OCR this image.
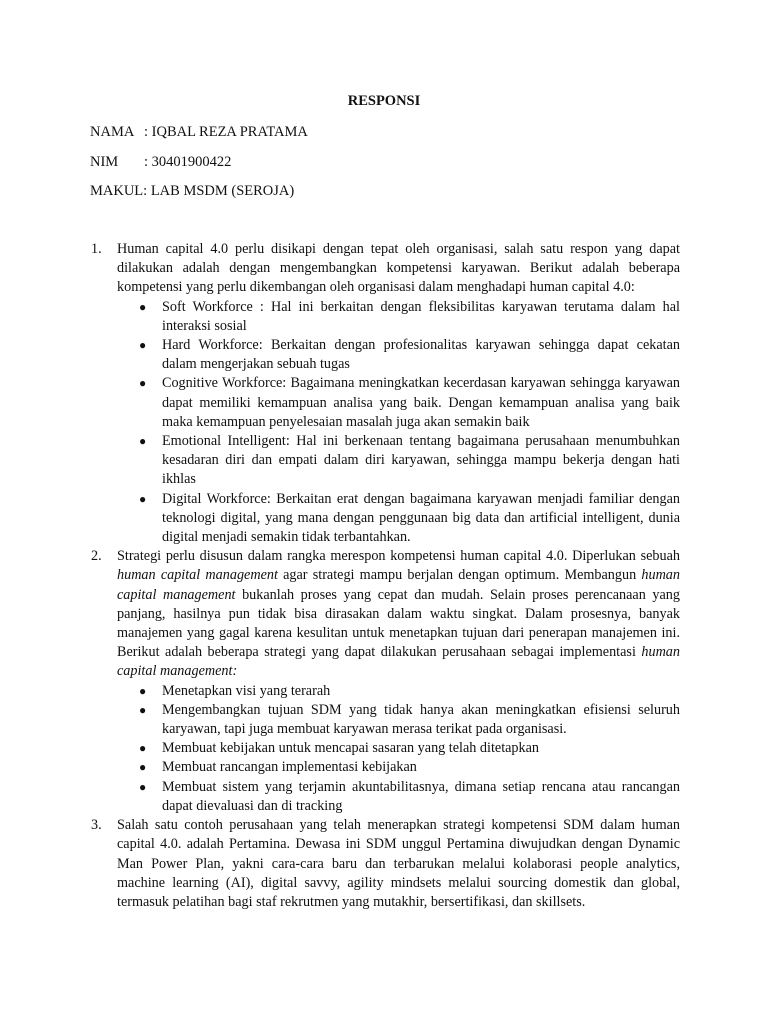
RESPONSI
NAMA : IQBAL REZA PRATAMA
NIM : 30401900422
MAKUL: LAB MSDM (SEROJA)
1. Human capital 4.0 perlu disikapi dengan tepat oleh organisasi, salah satu respon yang dapat dilakukan adalah dengan mengembangkan kompetensi karyawan. Berikut adalah beberapa kompetensi yang perlu dikembangan oleh organisasi dalam menghadapi human capital 4.0:
● Soft Workforce : Hal ini berkaitan dengan fleksibilitas karyawan terutama dalam hal interaksi sosial
● Hard Workforce: Berkaitan dengan profesionalitas karyawan sehingga dapat cekatan dalam mengerjakan sebuah tugas
● Cognitive Workforce: Bagaimana meningkatkan kecerdasan karyawan sehingga karyawan dapat memiliki kemampuan analisa yang baik. Dengan kemampuan analisa yang baik maka kemampuan penyelesaian masalah juga akan semakin baik
● Emotional Intelligent: Hal ini berkenaan tentang bagaimana perusahaan menumbuhkan kesadaran diri dan empati dalam diri karyawan, sehingga mampu bekerja dengan hati ikhlas
● Digital Workforce: Berkaitan erat dengan bagaimana karyawan menjadi familiar dengan teknologi digital, yang mana dengan penggunaan big data dan artificial intelligent, dunia digital menjadi semakin tidak terbantahkan.
2. Strategi perlu disusun dalam rangka merespon kompetensi human capital 4.0. Diperlukan sebuah human capital management agar strategi mampu berjalan dengan optimum. Membangun human capital management bukanlah proses yang cepat dan mudah. Selain proses perencanaan yang panjang, hasilnya pun tidak bisa dirasakan dalam waktu singkat. Dalam prosesnya, banyak manajemen yang gagal karena kesulitan untuk menetapkan tujuan dari penerapan manajemen ini. Berikut adalah beberapa strategi yang dapat dilakukan perusahaan sebagai implementasi human capital management:
● Menetapkan visi yang terarah
● Mengembangkan tujuan SDM yang tidak hanya akan meningkatkan efisiensi seluruh karyawan, tapi juga membuat karyawan merasa terikat pada organisasi.
● Membuat kebijakan untuk mencapai sasaran yang telah ditetapkan
● Membuat rancangan implementasi kebijakan
● Membuat sistem yang terjamin akuntabilitasnya, dimana setiap rencana atau rancangan dapat dievaluasi dan di tracking
3. Salah satu contoh perusahaan yang telah menerapkan strategi kompetensi SDM dalam human capital 4.0. adalah Pertamina. Dewasa ini SDM unggul Pertamina diwujudkan dengan Dynamic Man Power Plan, yakni cara-cara baru dan terbarukan melalui kolaborasi people analytics, machine learning (AI), digital savvy, agility mindsets melalui sourcing domestik dan global, termasuk pelatihan bagi staf rekrutmen yang mutakhir, bersertifikasi, dan skillsets.
